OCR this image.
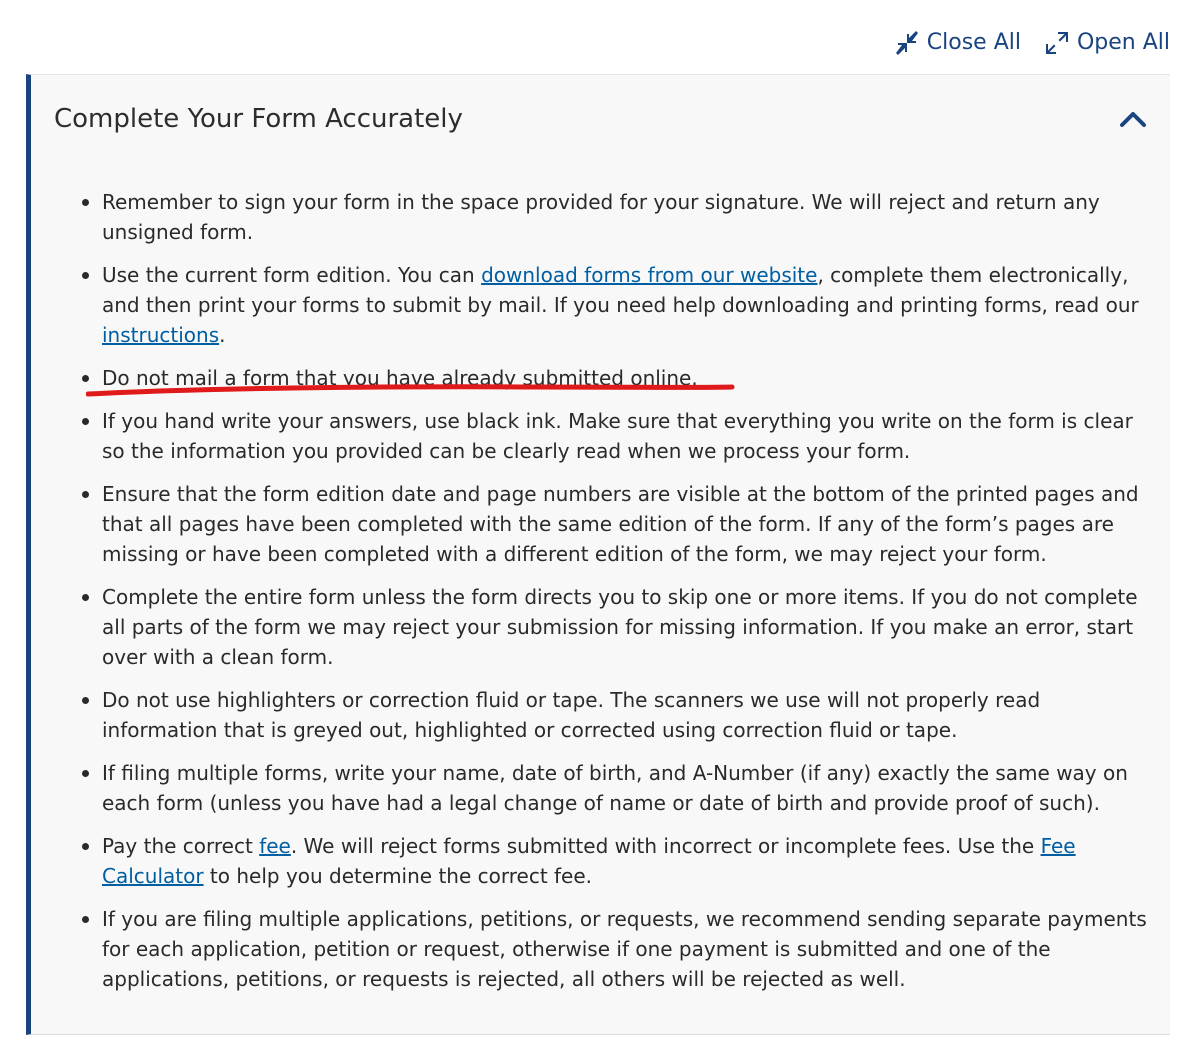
Close All	Open All
Complete Your Form Accurately
Remember to sign your form in the space provided for your signature. We will reject and return any unsigned form.
Use the current form edition. You can download forms from our website, complete them electronically, and then print your forms to submit by mail. If you need help downloading and printing forms, read our instructions.
Do not mail a form that you have already submitted online.
If you hand write your answers, use black ink. Make sure that everything you write on the form is clear so the information you provided can be clearly read when we process your form.
Ensure that the form edition date and page numbers are visible at the bottom of the printed pages and that all pages have been completed with the same edition of the form. If any of the form’s pages are missing or have been completed with a different edition of the form, we may reject your form.
Complete the entire form unless the form directs you to skip one or more items. If you do not complete all parts of the form we may reject your submission for missing information. If you make an error, start over with a clean form.
Do not use highlighters or correction fluid or tape. The scanners we use will not properly read information that is greyed out, highlighted or corrected using correction fluid or tape.
If filing multiple forms, write your name, date of birth, and A-Number (if any) exactly the same way on each form (unless you have had a legal change of name or date of birth and provide proof of such).
Pay the correct fee. We will reject forms submitted with incorrect or incomplete fees. Use the Fee Calculator to help you determine the correct fee.
If you are filing multiple applications, petitions, or requests, we recommend sending separate payments for each application, petition or request, otherwise if one payment is submitted and one of the applications, petitions, or requests is rejected, all others will be rejected as well.
